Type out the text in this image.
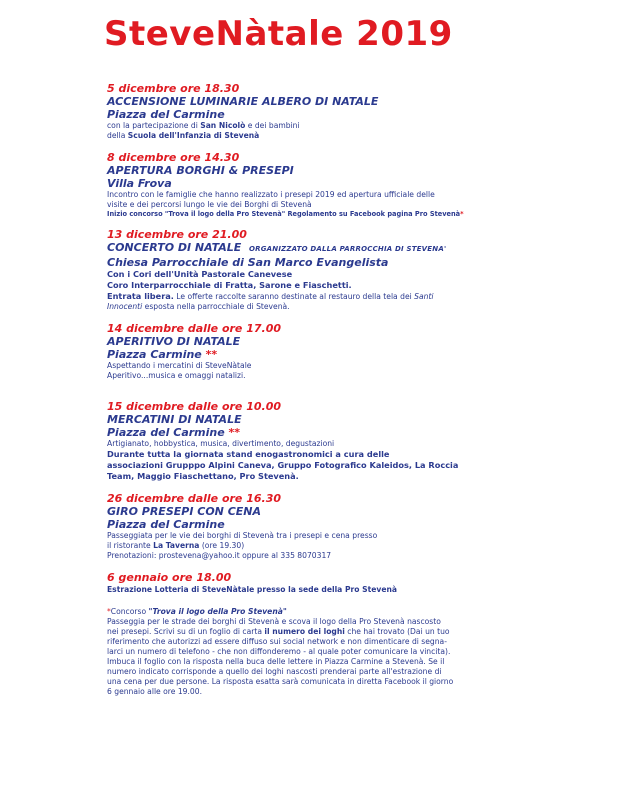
SteveNàtale 2019
5 dicembre ore 18.30
ACCENSIONE LUMINARIE ALBERO DI NATALE
Piazza del Carmine
con la partecipazione di San Nicolò e dei bambini
della Scuola dell'Infanzia di Stevenà
8 dicembre ore 14.30
APERTURA BORGHI & PRESEPI
Villa Frova
Incontro con le famiglie che hanno realizzato i presepi 2019 ed apertura ufficiale delle
visite e dei percorsi lungo le vie dei Borghi di Stevenà
Inizio concorso "Trova il logo della Pro Stevenà" Regolamento su Facebook pagina Pro Stevenà*
13 dicembre ore 21.00
CONCERTO DI NATALE ORGANIZZATO DALLA PARROCCHIA DI STEVENA'
Chiesa Parrocchiale di San Marco Evangelista
Con i Cori dell'Unità Pastorale Canevese
Coro Interparrocchiale di Fratta, Sarone e Fiaschetti.
Entrata libera. Le offerte raccolte saranno destinate al restauro della tela dei Santi
Innocenti esposta nella parrocchiale di Stevenà.
14 dicembre dalle ore 17.00
APERITIVO DI NATALE
Piazza Carmine **
Aspettando i mercatini di SteveNàtale
Aperitivo...musica e omaggi natalizi.
15 dicembre dalle ore 10.00
MERCATINI DI NATALE
Piazza del Carmine **
Artigianato, hobbystica, musica, divertimento, degustazioni
Durante tutta la giornata stand enogastronomici a cura delle
associazioni Grupppo Alpini Caneva, Gruppo Fotografico Kaleidos, La Roccia
Team, Maggio Fiaschettano, Pro Stevenà.
26 dicembre dalle ore 16.30
GIRO PRESEPI CON CENA
Piazza del Carmine
Passeggiata per le vie dei borghi di Stevenà tra i presepi e cena presso
il ristorante La Taverna (ore 19.30)
Prenotazioni: prostevena@yahoo.it oppure al 335 8070317
6 gennaio ore 18.00
Estrazione Lotteria di SteveNàtale presso la sede della Pro Stevenà
*Concorso "Trova il logo della Pro Stevenà"
Passeggia per le strade dei borghi di Stevenà e scova il logo della Pro Stevenà nascosto
nei presepi. Scrivi su di un foglio di carta il numero dei loghi che hai trovato (Dai un tuo
riferimento che autorizzi ad essere diffuso sui social network e non dimenticare di segna-
larci un numero di telefono - che non diffonderemo - al quale poter comunicare la vincita).
Imbuca il foglio con la risposta nella buca delle lettere in Piazza Carmine a Stevenà. Se il
numero indicato corrisponde a quello dei loghi nascosti prenderai parte all'estrazione di
una cena per due persone. La risposta esatta sarà comunicata in diretta Facebook il giorno
6 gennaio alle ore 19.00.
